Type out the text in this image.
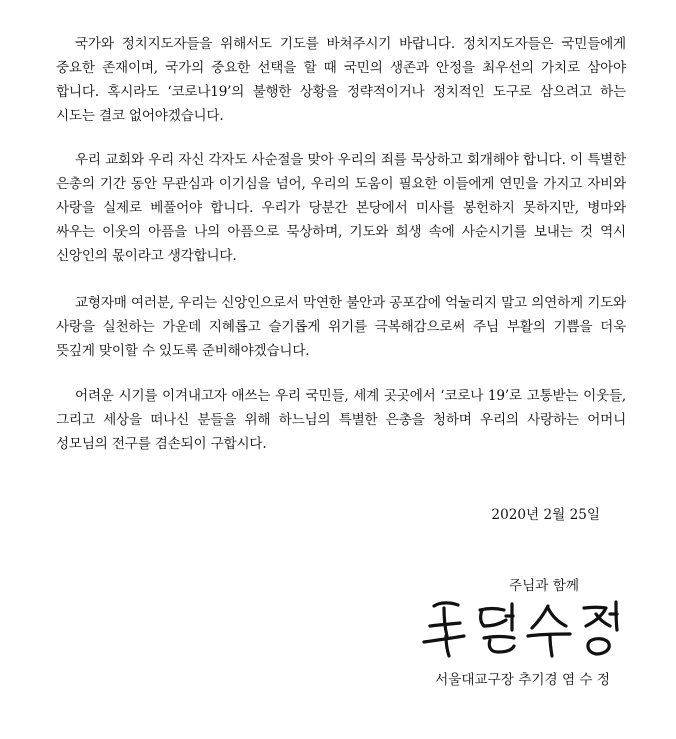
국가와 정치지도자들을 위해서도 기도를 바쳐주시기 바랍니다. 정치지도자들은 국민들에게 중요한 존재이며, 국가의 중요한 선택을 할 때 국민의 생존과 안정을 최우선의 가치로 삼아야 합니다. 혹시라도 ‘코로나19’의 불행한 상황을 정략적이거나 정치적인 도구로 삼으려고 하는 시도는 결코 없어야겠습니다.

우리 교회와 우리 자신 각자도 사순절을 맞아 우리의 죄를 묵상하고 회개해야 합니다. 이 특별한 은총의 기간 동안 무관심과 이기심을 넘어, 우리의 도움이 필요한 이들에게 연민을 가지고 자비와 사랑을 실제로 베풀어야 합니다. 우리가 당분간 본당에서 미사를 봉헌하지 못하지만, 병마와 싸우는 이웃의 아픔을 나의 아픔으로 묵상하며, 기도와 희생 속에 사순시기를 보내는 것 역시 신앙인의 몫이라고 생각합니다.

교형자매 여러분, 우리는 신앙인으로서 막연한 불안과 공포감에 억눌리지 말고 의연하게 기도와 사랑을 실천하는 가운데 지혜롭고 슬기롭게 위기를 극복해감으로써 주님 부활의 기쁨을 더욱 뜻깊게 맞이할 수 있도록 준비해야겠습니다.

어려운 시기를 이겨내고자 애쓰는 우리 국민들, 세계 곳곳에서 ‘코로나 19’로 고통받는 이웃들, 그리고 세상을 떠나신 분들을 위해 하느님의 특별한 은총을 청하며 우리의 사랑하는 어머니 성모님의 전구를 겸손되이 구합시다.

2020년 2월 25일
주님과 함께
서울대교구장 추기경 염 수 정
